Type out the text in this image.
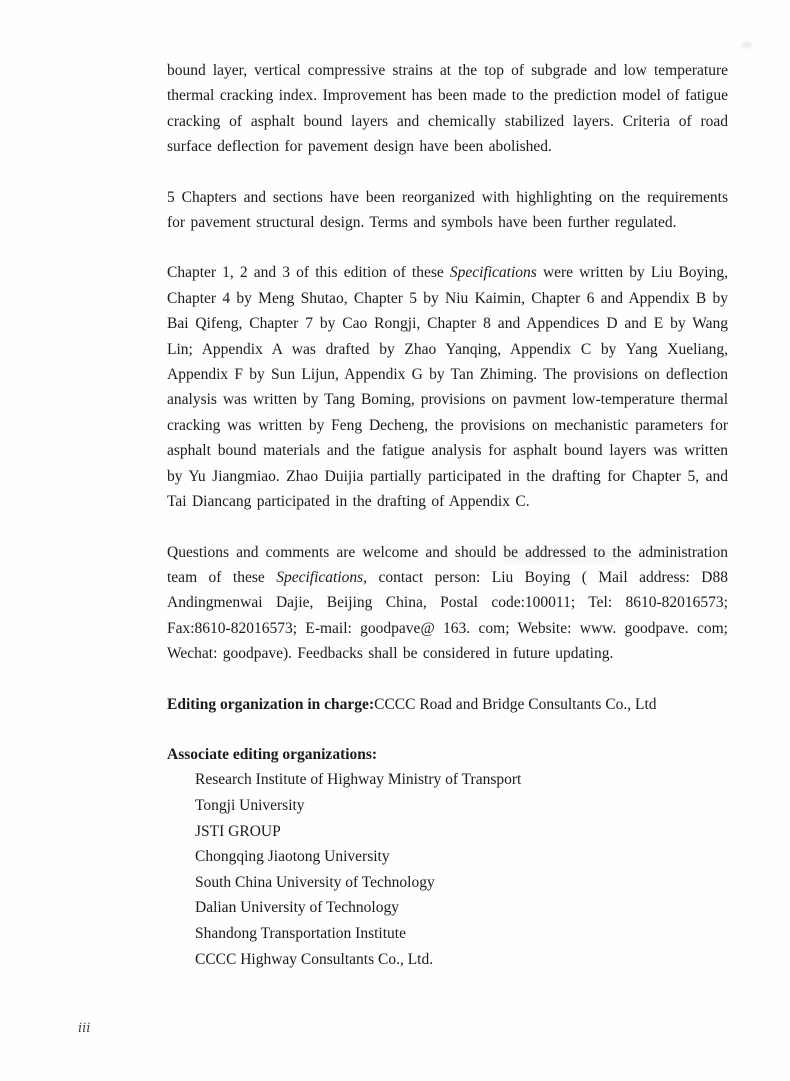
bound layer, vertical compressive strains at the top of subgrade and low temperature thermal cracking index. Improvement has been made to the prediction model of fatigue cracking of asphalt bound layers and chemically stabilized layers. Criteria of road surface deflection for pavement design have been abolished.

5 Chapters and sections have been reorganized with highlighting on the requirements for pavement structural design. Terms and symbols have been further regulated.

Chapter 1, 2 and 3 of this edition of these Specifications were written by Liu Boying, Chapter 4 by Meng Shutao, Chapter 5 by Niu Kaimin, Chapter 6 and Appendix B by Bai Qifeng, Chapter 7 by Cao Rongji, Chapter 8 and Appendices D and E by Wang Lin; Appendix A was drafted by Zhao Yanqing, Appendix C by Yang Xueliang, Appendix F by Sun Lijun, Appendix G by Tan Zhiming. The provisions on deflection analysis was written by Tang Boming, provisions on pavment low-temperature thermal cracking was written by Feng Decheng, the provisions on mechanistic parameters for asphalt bound materials and the fatigue analysis for asphalt bound layers was written by Yu Jiangmiao. Zhao Duijia partially participated in the drafting for Chapter 5, and Tai Diancang participated in the drafting of Appendix C.

Questions and comments are welcome and should be addressed to the administration team of these Specifications, contact person: Liu Boying ( Mail address: D88 Andingmenwai Dajie, Beijing China, Postal code:100011; Tel: 8610-82016573; Fax:8610-82016573; E-mail: goodpave@ 163. com; Website: www. goodpave. com; Wechat: goodpave). Feedbacks shall be considered in future updating.

Editing organization in charge:CCCC Road and Bridge Consultants Co., Ltd

Associate editing organizations:

Research Institute of Highway Ministry of Transport

Tongji University

JSTI GROUP

Chongqing Jiaotong University

South China University of Technology

Dalian University of Technology

Shandong Transportation Institute

CCCC Highway Consultants Co., Ltd.

ⅲ
